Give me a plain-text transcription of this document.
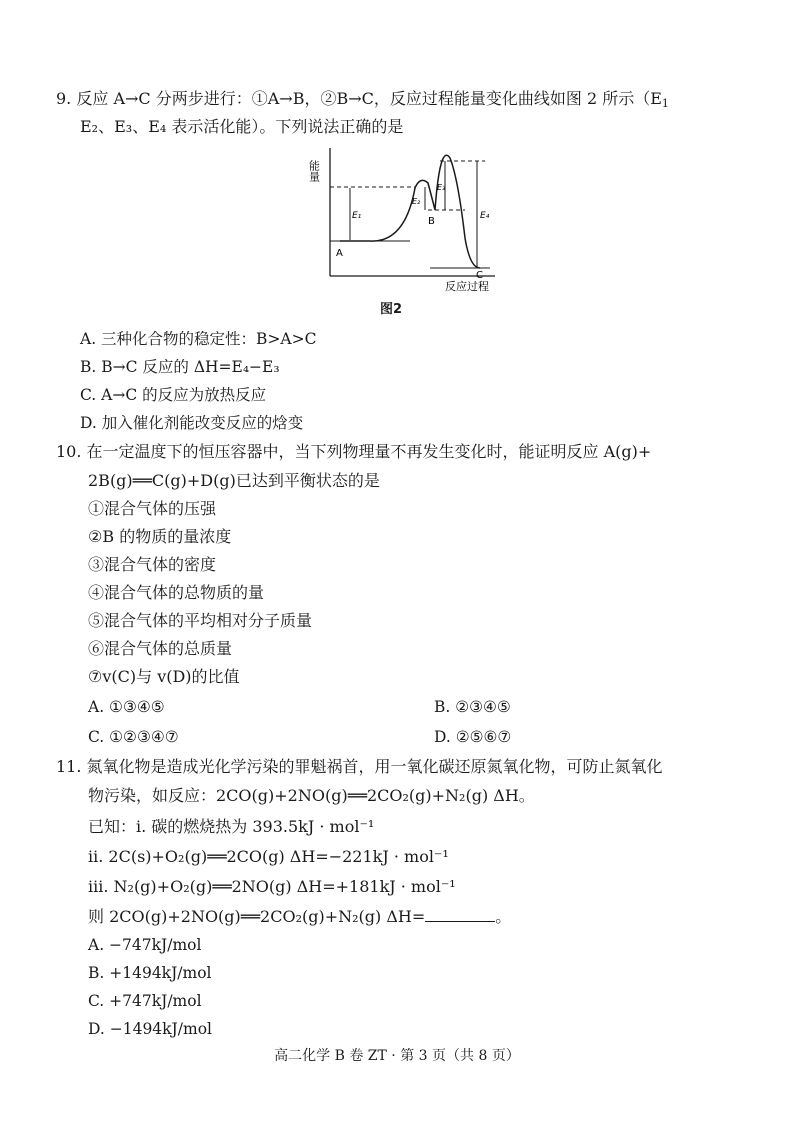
9. 反应 A→C 分两步进行：①A→B，②B→C，反应过程能量变化曲线如图 2 所示（$E_1$
E₂、E₃、E₄ 表示活化能）。下列说法正确的是
能量
反应过程
E₁
E₂
E₃
E₄
A
B
C
图2
A. 三种化合物的稳定性：B>A>C
B. B→C 反应的 ΔH=E₄−E₃
C. A→C 的反应为放热反应
D. 加入催化剂能改变反应的焓变
10. 在一定温度下的恒压容器中，当下列物理量不再发生变化时，能证明反应 A(g)+
2B(g)══C(g)+D(g)已达到平衡状态的是
①混合气体的压强
②B 的物质的量浓度
③混合气体的密度
④混合气体的总物质的量
⑤混合气体的平均相对分子质量
⑥混合气体的总质量
⑦v(C)与 v(D)的比值
A. ①③④⑤	B. ②③④⑤
C. ①②③④⑦	D. ②⑤⑥⑦
11. 氮氧化物是造成光化学污染的罪魁祸首，用一氧化碳还原氮氧化物，可防止氮氧化
物污染，如反应：2CO(g)+2NO(g)══2CO₂(g)+N₂(g) ΔH。
已知：ⅰ. 碳的燃烧热为 393.5kJ · mol⁻¹
ⅱ. 2C(s)+O₂(g)══2CO(g) ΔH=−221kJ · mol⁻¹
ⅲ. N₂(g)+O₂(g)══2NO(g) ΔH=+181kJ · mol⁻¹
则 2CO(g)+2NO(g)══2CO₂(g)+N₂(g) ΔH=	。
A. −747kJ/mol
B. +1494kJ/mol
C. +747kJ/mol
D. −1494kJ/mol
高二化学 B 卷 ZT · 第 3 页（共 8 页）
